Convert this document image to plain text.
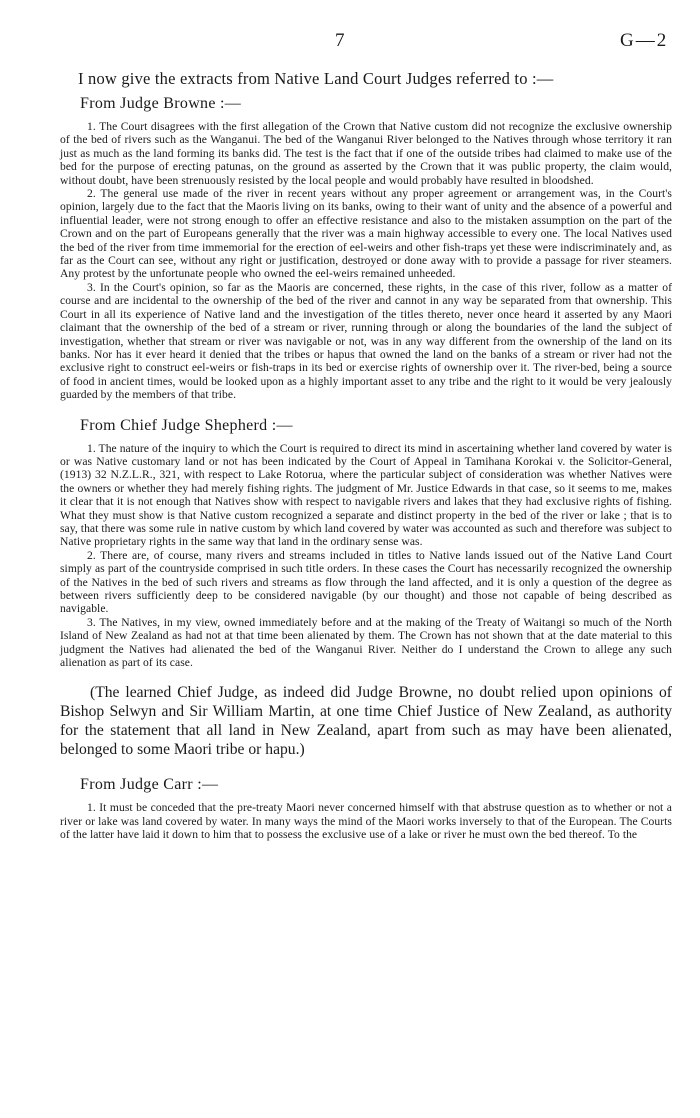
7	G—2

I now give the extracts from Native Land Court Judges referred to :—

From Judge Browne :—

1. The Court disagrees with the first allegation of the Crown that Native custom did not recognize the exclusive ownership of the bed of rivers such as the Wanganui. The bed of the Wanganui River belonged to the Natives through whose territory it ran just as much as the land forming its banks did. The test is the fact that if one of the outside tribes had claimed to make use of the bed for the purpose of erecting patunas, on the ground as asserted by the Crown that it was public property, the claim would, without doubt, have been strenuously resisted by the local people and would probably have resulted in bloodshed.

2. The general use made of the river in recent years without any proper agreement or arrangement was, in the Court's opinion, largely due to the fact that the Maoris living on its banks, owing to their want of unity and the absence of a powerful and influential leader, were not strong enough to offer an effective resistance and also to the mistaken assumption on the part of the Crown and on the part of Europeans generally that the river was a main highway accessible to every one. The local Natives used the bed of the river from time immemorial for the erection of eel-weirs and other fish-traps yet these were indiscriminately and, as far as the Court can see, without any right or justification, destroyed or done away with to provide a passage for river steamers. Any protest by the unfortunate people who owned the eel-weirs remained unheeded.

3. In the Court's opinion, so far as the Maoris are concerned, these rights, in the case of this river, follow as a matter of course and are incidental to the ownership of the bed of the river and cannot in any way be separated from that ownership. This Court in all its experience of Native land and the investigation of the titles thereto, never once heard it asserted by any Maori claimant that the ownership of the bed of a stream or river, running through or along the boundaries of the land the subject of investigation, whether that stream or river was navigable or not, was in any way different from the ownership of the land on its banks. Nor has it ever heard it denied that the tribes or hapus that owned the land on the banks of a stream or river had not the exclusive right to construct eel-weirs or fish-traps in its bed or exercise rights of ownership over it. The river-bed, being a source of food in ancient times, would be looked upon as a highly important asset to any tribe and the right to it would be very jealously guarded by the members of that tribe.

From Chief Judge Shepherd :—

1. The nature of the inquiry to which the Court is required to direct its mind in ascertaining whether land covered by water is or was Native customary land or not has been indicated by the Court of Appeal in Tamihana Korokai v. the Solicitor-General, (1913) 32 N.Z.L.R., 321, with respect to Lake Rotorua, where the particular subject of consideration was whether Natives were the owners or whether they had merely fishing rights. The judgment of Mr. Justice Edwards in that case, so it seems to me, makes it clear that it is not enough that Natives show with respect to navigable rivers and lakes that they had exclusive rights of fishing. What they must show is that Native custom recognized a separate and distinct property in the bed of the river or lake ; that is to say, that there was some rule in native custom by which land covered by water was accounted as such and therefore was subject to Native proprietary rights in the same way that land in the ordinary sense was.

2. There are, of course, many rivers and streams included in titles to Native lands issued out of the Native Land Court simply as part of the countryside comprised in such title orders. In these cases the Court has necessarily recognized the ownership of the Natives in the bed of such rivers and streams as flow through the land affected, and it is only a question of the degree as between rivers sufficiently deep to be considered navigable (by our thought) and those not capable of being described as navigable.

3. The Natives, in my view, owned immediately before and at the making of the Treaty of Waitangi so much of the North Island of New Zealand as had not at that time been alienated by them. The Crown has not shown that at the date material to this judgment the Natives had alienated the bed of the Wanganui River. Neither do I understand the Crown to allege any such alienation as part of its case.

(The learned Chief Judge, as indeed did Judge Browne, no doubt relied upon opinions of Bishop Selwyn and Sir William Martin, at one time Chief Justice of New Zealand, as authority for the statement that all land in New Zealand, apart from such as may have been alienated, belonged to some Maori tribe or hapu.)

From Judge Carr :—

1. It must be conceded that the pre-treaty Maori never concerned himself with that abstruse question as to whether or not a river or lake was land covered by water. In many ways the mind of the Maori works inversely to that of the European. The Courts of the latter have laid it down to him that to possess the exclusive use of a lake or river he must own the bed thereof. To the
